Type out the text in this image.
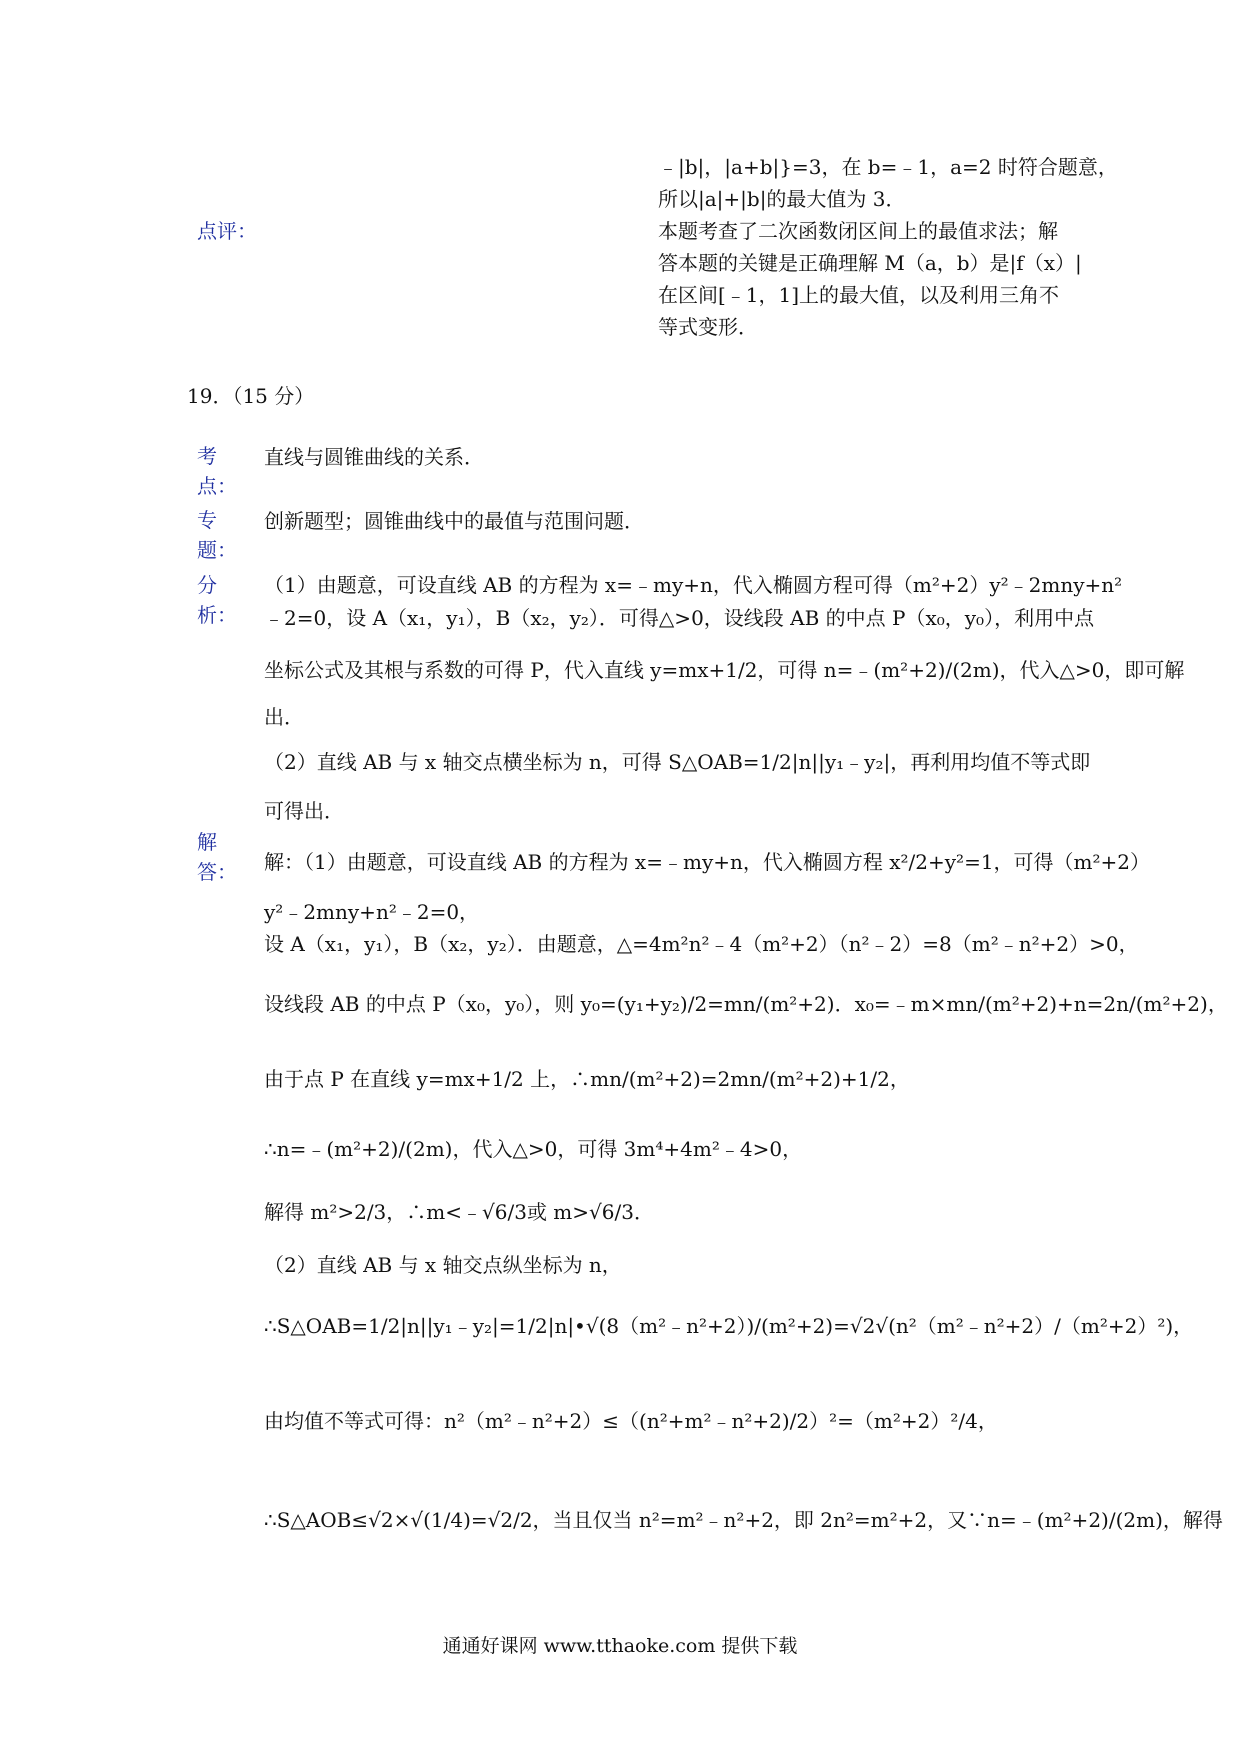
﹣|b|，|a+b|}=3，在 b=﹣1，a=2 时符合题意，
所以|a|+|b|的最大值为 3．
点评：	本题考查了二次函数闭区间上的最值求法；解
答本题的关键是正确理解 M（a，b）是|f（x）|
在区间[﹣1，1]上的最大值，以及利用三角不
等式变形．
19．（15 分）
考
点：
专
题：
分
析：
解
答：
直线与圆锥曲线的关系．
创新题型；圆锥曲线中的最值与范围问题．
（1）由题意，可设直线 AB 的方程为 x=﹣my+n，代入椭圆方程可得（m²+2）y²﹣2mny+n²
﹣2=0，设 A（x₁，y₁），B（x₂，y₂）．可得△>0，设线段 AB 的中点 P（x₀，y₀），利用中点
坐标公式及其根与系数的可得 P，代入直线 y=mx+1/2，可得 n=﹣(m²+2)/(2m)，代入△>0，即可解
出．
（2）直线 AB 与 x 轴交点横坐标为 n，可得 S△OAB=1/2|n||y₁﹣y₂|，再利用均值不等式即
可得出．
解：（1）由题意，可设直线 AB 的方程为 x=﹣my+n，代入椭圆方程 x²/2+y²=1，可得（m²+2）
y²﹣2mny+n²﹣2=0，
设 A（x₁，y₁），B（x₂，y₂）．由题意，△=4m²n²﹣4（m²+2）（n²﹣2）=8（m²﹣n²+2）>0，
设线段 AB 的中点 P（x₀，y₀），则 y₀=(y₁+y₂)/2=mn/(m²+2)．x₀=﹣m×mn/(m²+2)+n=2n/(m²+2)，
由于点 P 在直线 y=mx+1/2 上，∴mn/(m²+2)=2mn/(m²+2)+1/2，
∴n=﹣(m²+2)/(2m)，代入△>0，可得 3m⁴+4m²﹣4>0，
解得 m²>2/3，∴m<﹣√6/3或 m>√6/3．
（2）直线 AB 与 x 轴交点纵坐标为 n，
∴S△OAB=1/2|n||y₁﹣y₂|=1/2|n|•√(8（m²﹣n²+2）)/(m²+2)=√2√(n²（m²﹣n²+2）/（m²+2）²)，
由均值不等式可得：n²（m²﹣n²+2）≤（(n²+m²﹣n²+2)/2）²=（m²+2）²/4，
∴S△AOB≤√2×√(1/4)=√2/2，当且仅当 n²=m²﹣n²+2，即 2n²=m²+2，又∵n=﹣(m²+2)/(2m)，解得
通通好课网 www.tthaoke.com 提供下载
